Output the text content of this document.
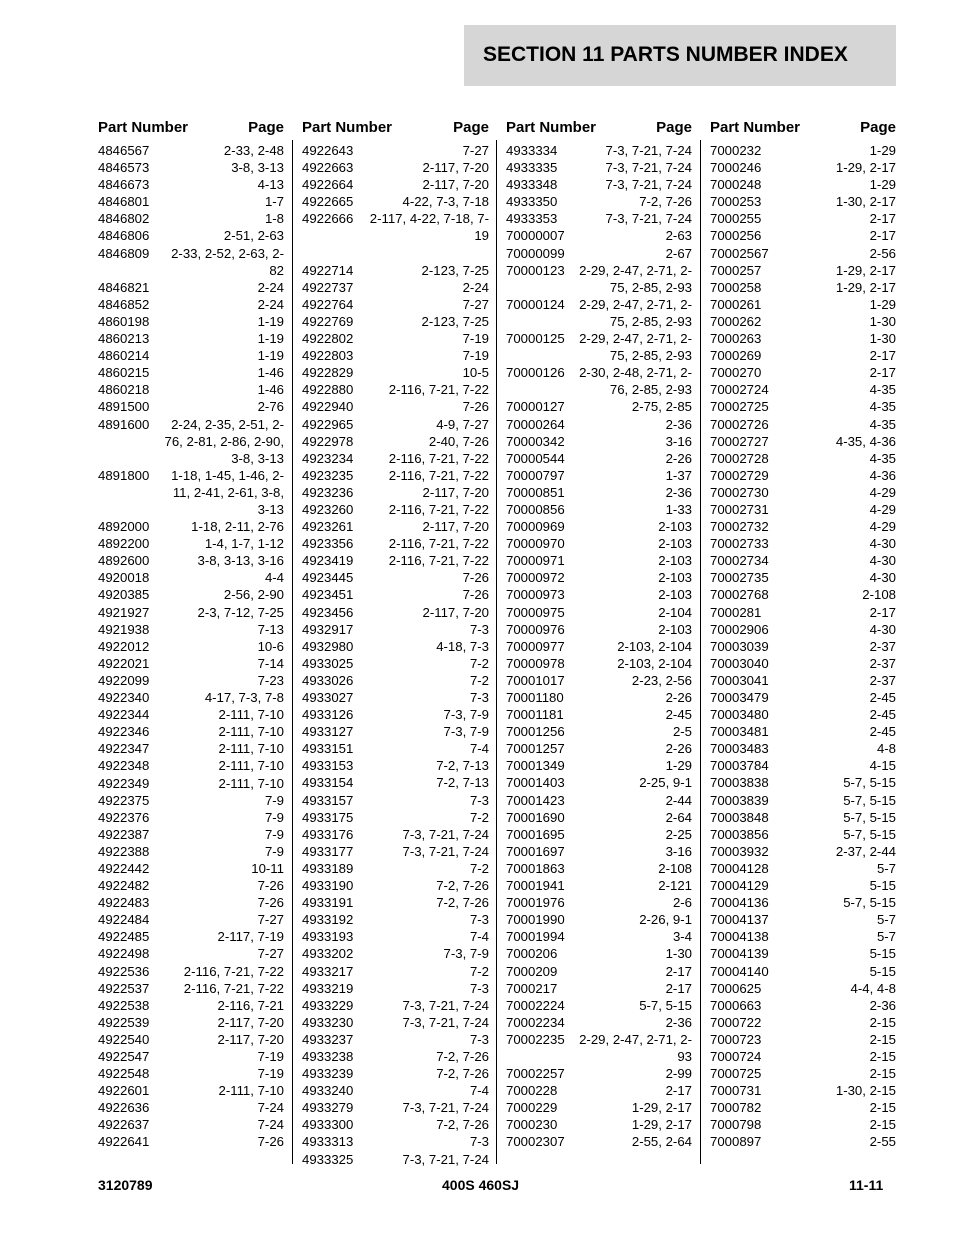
SECTION 11 PARTS NUMBER INDEX
Part Number	Page
4846567	2-33, 2-48
4846573	3-8, 3-13
4846673	4-13
4846801	1-7
4846802	1-8
4846806	2-51, 2-63
4846809	2-33, 2-52, 2-63, 2-82
4846821	2-24
4846852	2-24
4860198	1-19
4860213	1-19
4860214	1-19
4860215	1-46
4860218	1-46
4891500	2-76
4891600	2-24, 2-35, 2-51, 2-76, 2-81, 2-86, 2-90, 3-8, 3-13
4891800	1-18, 1-45, 1-46, 2-11, 2-41, 2-61, 3-8, 3-13
4892000	1-18, 2-11, 2-76
4892200	1-4, 1-7, 1-12
4892600	3-8, 3-13, 3-16
4920018	4-4
4920385	2-56, 2-90
4921927	2-3, 7-12, 7-25
4921938	7-13
4922012	10-6
4922021	7-14
4922099	7-23
4922340	4-17, 7-3, 7-8
4922344	2-111, 7-10
4922346	2-111, 7-10
4922347	2-111, 7-10
4922348	2-111, 7-10
4922349	2-111, 7-10
4922375	7-9
4922376	7-9
4922387	7-9
4922388	7-9
4922442	10-11
4922482	7-26
4922483	7-26
4922484	7-27
4922485	2-117, 7-19
4922498	7-27
4922536	2-116, 7-21, 7-22
4922537	2-116, 7-21, 7-22
4922538	2-116, 7-21
4922539	2-117, 7-20
4922540	2-117, 7-20
4922547	7-19
4922548	7-19
4922601	2-111, 7-10
4922636	7-24
4922637	7-24
4922641	7-26
Part Number	Page
4922643	7-27
4922663	2-117, 7-20
4922664	2-117, 7-20
4922665	4-22, 7-3, 7-18
4922666 2-117, 4-22, 7-18, 7-19
4922714	2-123, 7-25
4922737	2-24
4922764	7-27
4922769	2-123, 7-25
4922802	7-19
4922803	7-19
4922829	10-5
4922880	2-116, 7-21, 7-22
4922940	7-26
4922965	4-9, 7-27
4922978	2-40, 7-26
4923234	2-116, 7-21, 7-22
4923235	2-116, 7-21, 7-22
4923236	2-117, 7-20
4923260	2-116, 7-21, 7-22
4923261	2-117, 7-20
4923356	2-116, 7-21, 7-22
4923419	2-116, 7-21, 7-22
4923445	7-26
4923451	7-26
4923456	2-117, 7-20
4932917	7-3
4932980	4-18, 7-3
4933025	7-2
4933026	7-2
4933027	7-3
4933126	7-3, 7-9
4933127	7-3, 7-9
4933151	7-4
4933153	7-2, 7-13
4933154	7-2, 7-13
4933157	7-3
4933175	7-2
4933176	7-3, 7-21, 7-24
4933177	7-3, 7-21, 7-24
4933189	7-2
4933190	7-2, 7-26
4933191	7-2, 7-26
4933192	7-3
4933193	7-4
4933202	7-3, 7-9
4933217	7-2
4933219	7-3
4933229	7-3, 7-21, 7-24
4933230	7-3, 7-21, 7-24
4933237	7-3
4933238	7-2, 7-26
4933239	7-2, 7-26
4933240	7-4
4933279	7-3, 7-21, 7-24
4933300	7-2, 7-26
4933313	7-3
4933325	7-3, 7-21, 7-24
Part Number	Page
4933334	7-3, 7-21, 7-24
4933335	7-3, 7-21, 7-24
4933348	7-3, 7-21, 7-24
4933350	7-2, 7-26
4933353	7-3, 7-21, 7-24
70000007	2-63
70000099	2-67
70000123 2-29, 2-47, 2-71, 2-75, 2-85, 2-93
70000124 2-29, 2-47, 2-71, 2-75, 2-85, 2-93
70000125 2-29, 2-47, 2-71, 2-75, 2-85, 2-93
70000126 2-30, 2-48, 2-71, 2-76, 2-85, 2-93
70000127	2-75, 2-85
70000264	2-36
70000342	3-16
70000544	2-26
70000797	1-37
70000851	2-36
70000856	1-33
70000969	2-103
70000970	2-103
70000971	2-103
70000972	2-103
70000973	2-103
70000975	2-104
70000976	2-103
70000977	2-103, 2-104
70000978	2-103, 2-104
70001017	2-23, 2-56
70001180	2-26
70001181	2-45
70001256	2-5
70001257	2-26
70001349	1-29
70001403	2-25, 9-1
70001423	2-44
70001690	2-64
70001695	2-25
70001697	3-16
70001863	2-108
70001941	2-121
70001976	2-6
70001990	2-26, 9-1
70001994	3-4
7000206	1-30
7000209	2-17
7000217	2-17
70002224	5-7, 5-15
70002234	2-36
70002235 2-29, 2-47, 2-71, 2-93
70002257	2-99
7000228	2-17
7000229	1-29, 2-17
7000230	1-29, 2-17
70002307	2-55, 2-64
Part Number	Page
7000232	1-29
7000246	1-29, 2-17
7000248	1-29
7000253	1-30, 2-17
7000255	2-17
7000256	2-17
70002567	2-56
7000257	1-29, 2-17
7000258	1-29, 2-17
7000261	1-29
7000262	1-30
7000263	1-30
7000269	2-17
7000270	2-17
70002724	4-35
70002725	4-35
70002726	4-35
70002727	4-35, 4-36
70002728	4-35
70002729	4-36
70002730	4-29
70002731	4-29
70002732	4-29
70002733	4-30
70002734	4-30
70002735	4-30
70002768	2-108
7000281	2-17
70002906	4-30
70003039	2-37
70003040	2-37
70003041	2-37
70003479	2-45
70003480	2-45
70003481	2-45
70003483	4-8
70003784	4-15
70003838	5-7, 5-15
70003839	5-7, 5-15
70003848	5-7, 5-15
70003856	5-7, 5-15
70003932	2-37, 2-44
70004128	5-7
70004129	5-15
70004136	5-7, 5-15
70004137	5-7
70004138	5-7
70004139	5-15
70004140	5-15
7000625	4-4, 4-8
7000663	2-36
7000722	2-15
7000723	2-15
7000724	2-15
7000725	2-15
7000731	1-30, 2-15
7000782	2-15
7000798	2-15
7000897	2-55
3120789	400S 460SJ	11-11
